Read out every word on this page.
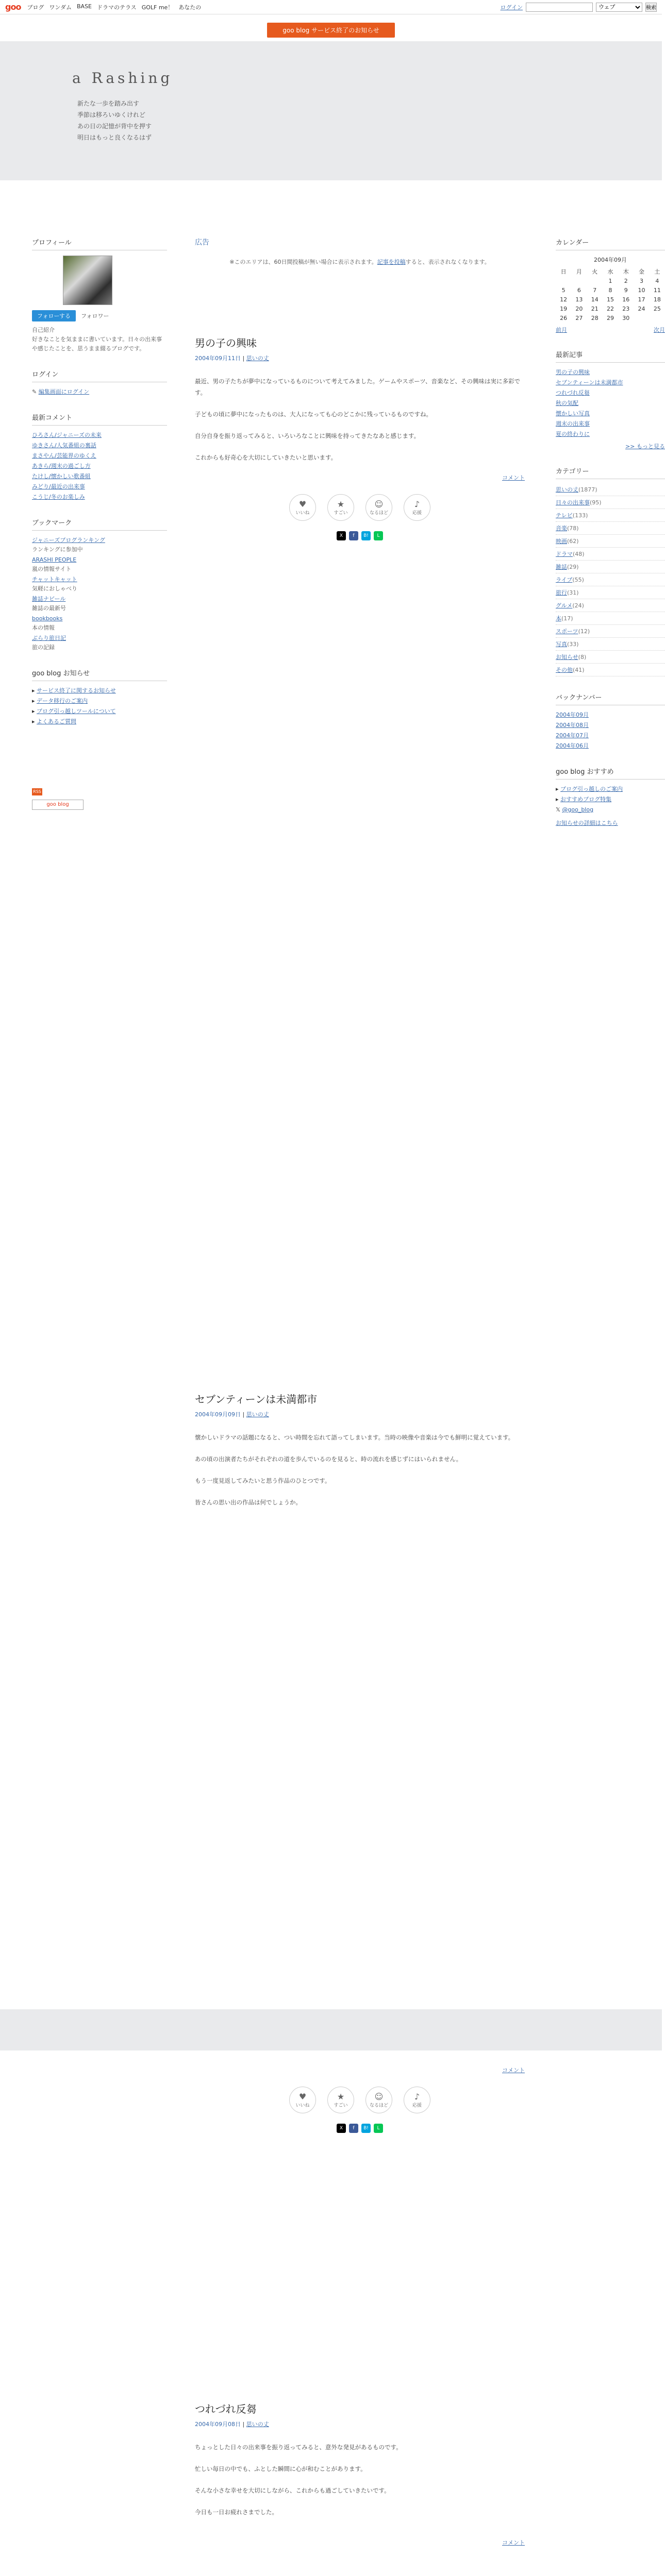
goo ブログ ワンダム BASE ドラマのテラス GOLF me！ あなたの	ログイン
ウェブ	検索
goo blog サービス終了のお知らせ
a Rashing
新たな一歩を踏み出す
季節は移ろいゆくけれど
あの日の記憶が背中を押す
明日はもっと良くなるはず
プロフィール
フォローする フォロワー
自己紹介
好きなことを気ままに書いています。日々の出来事や感じたことを、思うまま綴るブログです。
ログイン
✎ 編集画面にログイン
最新コメント
ひろさん/ジャニーズの未来
ゆきさん/人気番組の裏話
まさやん/芸能界のゆくえ
あきら/週末の過ごし方
たけし/懐かしい歌番組
みどり/最近の出来事
こうじ/冬のお楽しみ
ブックマーク
ジャニーズブログランキング
ランキングに参加中
ARASHI PEOPLE
嵐の情報サイト
チャットキャット
気軽におしゃべり
雑誌ナビール
雑誌の最新号
bookbooks
本の情報
ぶらり旅日記
旅の記録
goo blog お知らせ
▸ サービス終了に関するお知らせ
▸ データ移行のご案内
▸ ブログ引っ越しツールについて
▸ よくあるご質問
RSS
goo blog
広告
※このエリアは、60日間投稿が無い場合に表示されます。記事を投稿すると、表示されなくなります。
男の子の興味
2004年09月11日 | 思いの丈

最近、男の子たちが夢中になっているものについて考えてみました。ゲームやスポーツ、音楽など、その興味は実に多彩です。

子どもの頃に夢中になったものは、大人になっても心のどこかに残っているものですね。

自分自身を振り返ってみると、いろいろなことに興味を持ってきたなあと感じます。

これからも好奇心を大切にしていきたいと思います。

コメント
♥
いいね
★
すごい
☺
なるほど
♪
応援
X	f	B!	L
セブンティーンは未満都市
2004年09月09日 | 思いの丈

懐かしいドラマの話題になると、つい時間を忘れて語ってしまいます。当時の映像や音楽は今でも鮮明に覚えています。

あの頃の出演者たちがそれぞれの道を歩んでいるのを見ると、時の流れを感じずにはいられません。

もう一度見返してみたいと思う作品のひとつです。

皆さんの思い出の作品は何でしょうか。

コメント
♥
いいね
★
すごい
☺
なるほど
♪
応援
X	f	B!	L
つれづれ反芻
2004年09月08日 | 思いの丈

ちょっとした日々の出来事を振り返ってみると、意外な発見があるものです。

忙しい毎日の中でも、ふとした瞬間に心が和むことがあります。

そんな小さな幸せを大切にしながら、これからも過ごしていきたいです。

今日も一日お疲れさまでした。

コメント
カレンダー
2004年09月
日	月	火	水	木	金	土
			1	2	3	4
5	6	7	8	9	10	11
12	13	14	15	16	17	18
19	20	21	22	23	24	25
26	27	28	29	30		
前月	次月
最新記事
男の子の興味
セブンティーンは未満都市
つれづれ反芻
秋の気配
懐かしい写真
週末の出来事
夏の終わりに
>> もっと見る
カテゴリー
思いの丈(1877)
日々の出来事(95)
テレビ(133)
音楽(78)
映画(62)
ドラマ(48)
雑誌(29)
ライブ(55)
旅行(31)
グルメ(24)
本(17)
スポーツ(12)
写真(33)
お知らせ(8)
その他(41)
バックナンバー
2004年09月
2004年08月
2004年07月
2004年06月
goo blog おすすめ
▸ ブログ引っ越しのご案内
▸ おすすめブログ特集
𝕏 @goo_blog
お知らせの詳細はこちら
